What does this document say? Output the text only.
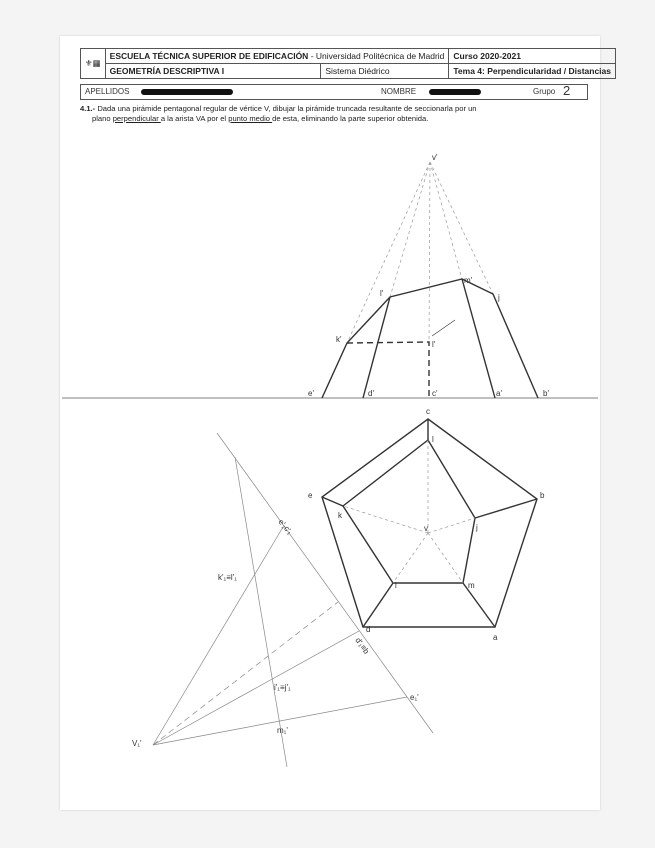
⚜▦	ESCUELA TÉCNICA SUPERIOR DE EDIFICACIÓN - Universidad Politécnica de Madrid		Curso 2020-2021
	GEOMETRÍA DESCRIPTIVA I	Sistema Diédrico	Tema 4: Perpendicularidad / Distancias
APELLIDOS	NOMBRE	Grupo 2
4.1.- Dada una pirámide pentagonal regular de vértice V, dibujar la pirámide truncada resultante de seccionarla por un
plano perpendicular a la arista VA por el punto medio de esta, eliminando la parte superior obtenida.
v'
e'	d'	c'	a'	b'
k'
l'
m'
j
l'
c
l
e	b
k
j
v
i	m
d
a
e'₁c'₁
k'₁≡l'₁
d'₁≡b
i'₁≡j'₁
e₁'
m₁'
V₁'
